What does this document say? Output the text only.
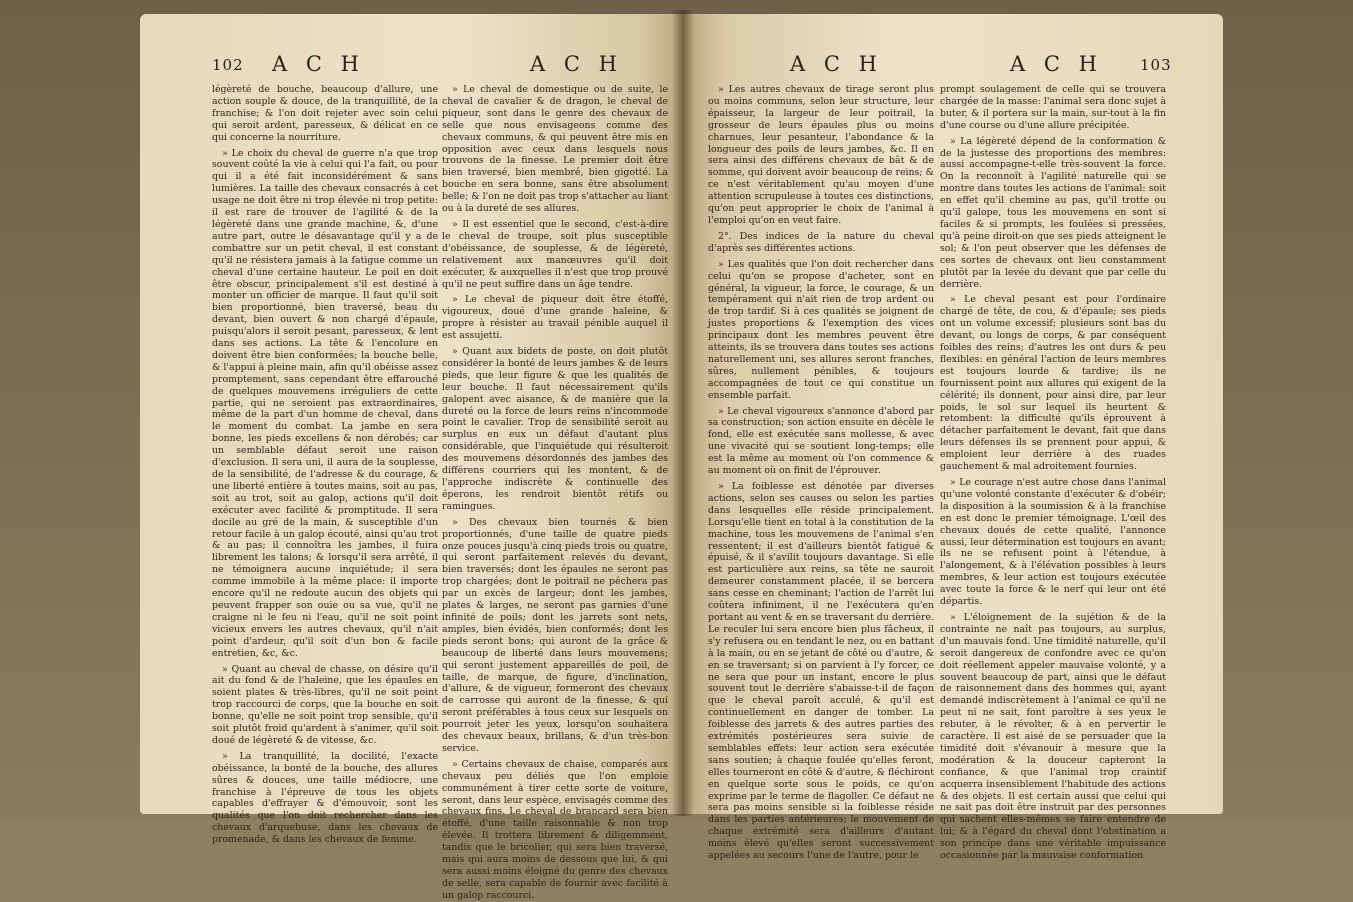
102 A C H	A C H	A C H	A C H 103

légèreté de bouche, beaucoup d'allure, une action souple & douce, de la tranquillité, de la franchise; & l'on doit rejeter avec soin celui qui seroit ardent, paresseux, & délicat en ce qui concerne la nourriture.

» Le choix du cheval de guerre n'a que trop souvent coûté la vie à celui qui l'a fait, ou pour qui il a été fait inconsidérément & sans lumières. La taille des chevaux consacrés à cet usage ne doit être ni trop élevée ni trop petite: il est rare de trouver de l'agilité & de la légèreté dans une grande machine, &, d'une autre part, outre le désavantage qu'il y a de combattre sur un petit cheval, il est constant qu'il ne résistera jamais à la fatigue comme un cheval d'une certaine hauteur. Le poil en doit être obscur, principalement s'il est destiné à monter un officier de marque. Il faut qu'il soit bien proportionné, bien traversé, beau du devant, bien ouvert & non chargé d'épaule, puisqu'alors il seroit pesant, paresseux, & lent dans ses actions. La tête & l'encolure en doivent être bien conformées; la bouche belle, & l'appui à pleine main, afin qu'il obéisse assez promptement, sans cependant être effarouché de quelques mouvemens irréguliers de cette partie, qui ne seroient pas extraordinaires, même de la part d'un homme de cheval, dans le moment du combat. La jambe en sera bonne, les pieds excellens & non dérobés; car un semblable défaut seroit une raison d'exclusion. Il sera uni, il aura de la souplesse, de la sensibilité, de l'adresse & du courage, & une liberté entière à toutes mains, soit au pas, soit au trot, soit au galop, actions qu'il doit exécuter avec facilité & promptitude. Il sera docile au gré de la main, & susceptible d'un retour facile à un galop écouté, ainsi qu'au trot & au pas; il connoîtra les jambes, il fuira librement les talons; & lorsqu'il sera arrêté, il ne témoignera aucune inquiétude; il sera comme immobile à la même place: il importe encore qu'il ne redoute aucun des objets qui peuvent frapper son ouie ou sa vue, qu'il ne craigne ni le feu ni l'eau, qu'il ne soit point vicieux envers les autres chevaux, qu'il n'ait point d'ardeur, qu'il soit d'un bon & facile entretien, &c, &c.

» Quant au cheval de chasse, on désire qu'il ait du fond & de l'haleine, que les épaules en soient plates & très-libres, qu'il ne soit point trop raccourci de corps, que la bouche en soit bonne, qu'elle ne soit point trop sensible, qu'il soit plutôt froid qu'ardent à s'animer, qu'il soit doué de légèreté & de vitesse, &c.

» La tranquillité, la docilité, l'exacte obéissance, la bonté de la bouche, des allures sûres & douces, une taille médiocre, une franchise à l'épreuve de tous les objets capables d'effrayer & d'émouvoir, sont les qualités que l'on doit rechercher dans les chevaux d'arquebuse, dans les chevaux de promenade, & dans les chevaux de femme.

» Le cheval de domestique ou de suite, le cheval de cavalier & de dragon, le cheval de piqueur, sont dans le genre des chevaux de selle que nous envisageons comme des chevaux communs, & qui peuvent être mis en opposition avec ceux dans lesquels nous trouvons de la finesse. Le premier doit être bien traversé, bien membré, bien gigotté. La bouche en sera bonne, sans être absolument belle; & l'on ne doit pas trop s'attacher au liant ou à la dureté de ses allures.

» Il est essentiel que le second, c'est-à-dire le cheval de troupe, soit plus susceptible d'obéissance, de souplesse, & de légèreté, relativement aux manœuvres qu'il doit exécuter, & auxquelles il n'est que trop prouvé qu'il ne peut suffire dans un âge tendre.

» Le cheval de piqueur doit être étoffé, vigoureux, doué d'une grande haleine, & propre à résister au travail pénible auquel il est assujetti.

» Quant aux bidets de poste, on doit plutôt considérer la bonté de leurs jambes & de leurs pieds, que leur figure & que les qualités de leur bouche. Il faut nécessairement qu'ils galopent avec aisance, & de manière que la dureté ou la force de leurs reins n'incommode point le cavalier. Trop de sensibilité seroit au surplus en eux un défaut d'autant plus considérable, que l'inquiétude qui résulteroit des mouvemens désordonnés des jambes des différens courriers qui les montent, & de l'approche indiscrète & continuelle des éperons, les rendroit bientôt rétifs ou ramingues.

» Des chevaux bien tournés & bien proportionnés, d'une taille de quatre pieds onze pouces jusqu'à cinq pieds trois ou quatre, qui seront parfaitement relevés du devant, bien traversés; dont les épaules ne seront pas trop chargées; dont le poitrail ne péchera pas par un excès de largeur; dont les jambes, plates & larges, ne seront pas garnies d'une infinité de poils; dont les jarrets sont nets, amples, bien évidés, bien conformés; dont les pieds seront bons; qui auront de la grâce & beaucoup de liberté dans leurs mouvemens; qui seront justement appareillés de poil, de taille, de marque, de figure, d'inclination, d'allure, & de vigueur, formeront des chevaux de carrosse qui auront de la finesse, & qui seront préférables à tous ceux sur lesquels on pourroit jeter les yeux, lorsqu'on souhaitera des chevaux beaux, brillans, & d'un très-bon service.

» Certains chevaux de chaise, comparés aux chevaux peu déliés que l'on emploie communément à tirer cette sorte de voiture, seront, dans leur espèce, envisagés comme des chevaux fins. Le cheval de brancard sera bien étoffé, d'une taille raisonnable & non trop élevée. Il trottera librement & diligemment, tandis que le bricolier, qui sera bien traversé, mais qui aura moins de dessous que lui, & qui sera aussi moins éloigné du genre des chevaux de selle, sera capable de fournir avec facilité à un galop raccourci.

» Les autres chevaux de tirage seront plus ou moins communs, selon leur structure, leur épaisseur, la largeur de leur poitrail, la grosseur de leurs épaules plus ou moins charnues, leur pesanteur, l'abondance & la longueur des poils de leurs jambes, &c. Il en sera ainsi des différens chevaux de bât & de somme, qui doivent avoir beaucoup de reins; & ce n'est véritablement qu'au moyen d'une attention scrupuleuse à toutes ces distinctions, qu'on peut approprier le choix de l'animal à l'emploi qu'on en veut faire.

2°. Des indices de la nature du cheval d'après ses différentes actions.

» Les qualités que l'on doit rechercher dans celui qu'on se propose d'acheter, sont en général, la vigueur, la force, le courage, & un tempérament qui n'ait rien de trop ardent ou de trop tardif. Si à ces qualités se joignent de justes proportions & l'exemption des vices principaux dont les membres peuvent être atteints, ils se trouvera dans toutes ses actions naturellement uni, ses allures seront franches, sûres, nullement pénibles, & toujours accompagnées de tout ce qui constitue un ensemble parfait.

» Le cheval vigoureux s'annonce d'abord par sa construction; son action ensuite en décèle le fond, elle est exécutée sans mollesse, & avec une vivacité qui se soutient long-temps; elle est la même au moment où l'on commence & au moment où on finit de l'éprouver.

» La foiblesse est dénotée par diverses actions, selon ses causes ou selon les parties dans lesquelles elle réside principalement. Lorsqu'elle tient en total à la constitution de la machine, tous les mouvemens de l'animal s'en ressentent; il est d'ailleurs bientôt fatigué & épuisé, & il s'avilit toujours davantage. Si elle est particulière aux reins, sa tête ne sauroit demeurer constamment placée, il se bercera sans cesse en cheminant; l'action de l'arrêt lui coûtera infiniment, il ne l'exécutera qu'en portant au vent & en se traversant du derrière. Le reculer lui sera encore bien plus fâcheux, il s'y refusera ou en tendant le nez, ou en battant à la main, ou en se jetant de côté ou d'autre, & en se traversant; si on parvient à l'y forcer, ce ne sera que pour un instant, encore le plus souvent tout le derrière s'abaisse-t-il de façon que le cheval paroît acculé, & qu'il est continuellement en danger de tomber. La foiblesse des jarrets & des autres parties des extrémités postérieures sera suivie de semblables effets: leur action sera exécutée sans soutien; à chaque foulée qu'elles feront, elles tourneront en côté & d'autre, & fléchiront en quelque sorte sous le poids, ce qu'on exprime par le terme de flagoller. Ce défaut ne sera pas moins sensible si la foiblesse réside dans les parties antérieures; le mouvement de chaque extrémité sera d'ailleurs d'autant moins élevé qu'elles seront successivement appelées au secours l'une de l'autre, pour le

prompt soulagement de celle qui se trouvera chargée de la masse: l'animal sera donc sujet à buter, & il portera sur la main, sur-tout à la fin d'une course ou d'une allure précipitée.

» La légèreté dépend de la conformation & de la justesse des proportions des membres: aussi accompagne-t-elle très-souvent la force. On la reconnoît à l'agilité naturelle qui se montre dans toutes les actions de l'animal: soit en effet qu'il chemine au pas, qu'il trotte ou qu'il galope, tous les mouvemens en sont si faciles & si prompts, les foulées si pressées, qu'à peine diroit-on que ses pieds atteignent le sol; & l'on peut observer que les défenses de ces sortes de chevaux ont lieu constamment plutôt par la levée du devant que par celle du derrière.

» Le cheval pesant est pour l'ordinaire chargé de tête, de cou, & d'épaule; ses pieds ont un volume excessif; plusieurs sont bas du devant, ou longs de corps, & par conséquent foibles des reins; d'autres les ont durs & peu flexibles: en général l'action de leurs membres est toujours lourde & tardive; ils ne fournissent point aux allures qui exigent de la célérité; ils donnent, pour ainsi dire, par leur poids, le sol sur lequel ils heurtent & retombent: la difficulté qu'ils éprouvent à détacher parfaitement le devant, fait que dans leurs défenses ils se prennent pour appui, & emploient leur derrière à des ruades gauchement & mal adroitement fournies.

» Le courage n'est autre chose dans l'animal qu'une volonté constante d'exécuter & d'obéir; la disposition à la soumission & à la franchise en est donc le premier témoignage. L'œil des chevaux doués de cette qualité, l'annonce aussi, leur détermination est toujours en avant; ils ne se refusent point à l'étendue, à l'alongement, & à l'élévation possibles à leurs membres, & leur action est toujours exécutée avec toute la force & le nerf qui leur ont été départis.

» L'éloignement de la sujétion & de la contrainte ne naît pas toujours, au surplus, d'un mauvais fond. Une timidité naturelle, qu'il seroit dangereux de confondre avec ce qu'on doit réellement appeler mauvaise volonté, y a souvent beaucoup de part, ainsi que le défaut de raisonnement dans des hommes qui, ayant demandé indiscrètement à l'animal ce qu'il ne peut ni ne sait, font paroître à ses yeux le rebuter, à le révolter, & à en pervertir le caractère. Il est aisé de se persuader que la timidité doit s'évanouir à mesure que la modération & la douceur capteront la confiance, & que l'animal trop craintif acquerra insensiblement l'habitude des actions & des objets. Il est certain aussi que celui qui ne sait pas doit être instruit par des personnes qui sachent elles-mêmes se faire entendre de lui; & à l'égard du cheval dont l'obstination a son principe dans une véritable impuissance occasionnée par la mauvaise conformation
